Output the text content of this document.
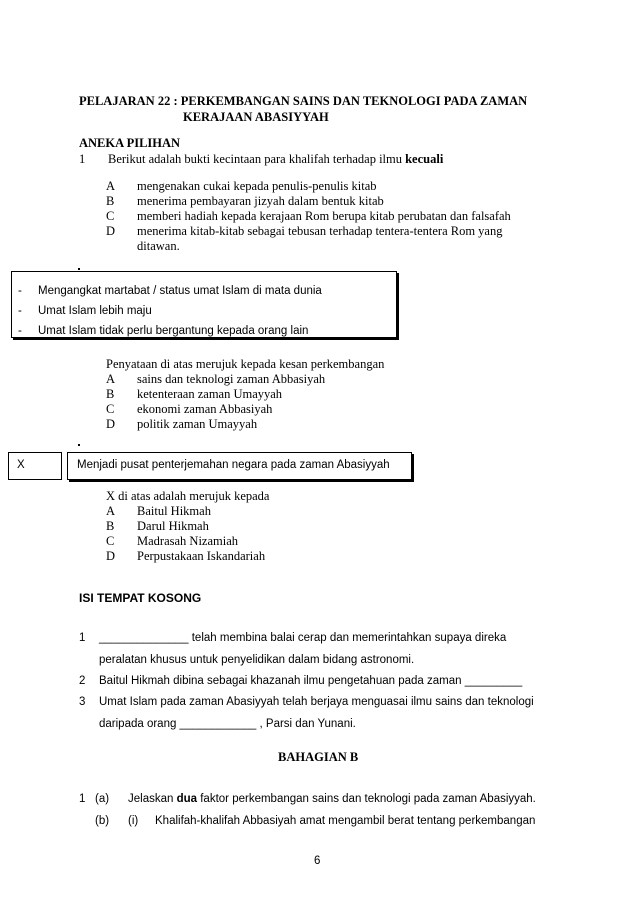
PELAJARAN 22 : PERKEMBANGAN SAINS DAN TEKNOLOGI PADA ZAMAN
KERAJAAN ABASIYYAH
ANEKA PILIHAN
1 Berikut adalah bukti kecintaan para khalifah terhadap ilmu kecuali
A mengenakan cukai kepada penulis-penulis kitab
B menerima pembayaran jizyah dalam bentuk kitab
C memberi hadiah kepada kerajaan Rom berupa kitab perubatan dan falsafah
D menerima kitab-kitab sebagai tebusan terhadap tentera-tentera Rom yang
ditawan.
- Mengangkat martabat / status umat Islam di mata dunia
- Umat Islam lebih maju
- Umat Islam tidak perlu bergantung kepada orang lain
Penyataan di atas merujuk kepada kesan perkembangan
A sains dan teknologi zaman Abbasiyah
B ketenteraan zaman Umayyah
C ekonomi zaman Abbasiyah
D politik zaman Umayyah
X	Menjadi pusat penterjemahan negara pada zaman Abasiyyah
X di atas adalah merujuk kepada
A Baitul Hikmah
B Darul Hikmah
C Madrasah Nizamiah
D Perpustakaan Iskandariah
ISI TEMPAT KOSONG
1 ______________ telah membina balai cerap dan memerintahkan supaya direka
peralatan khusus untuk penyelidikan dalam bidang astronomi.
2 Baitul Hikmah dibina sebagai khazanah ilmu pengetahuan pada zaman _________
3 Umat Islam pada zaman Abasiyyah telah berjaya menguasai ilmu sains dan teknologi
daripada orang ____________ , Parsi dan Yunani.
BAHAGIAN B
1 (a) Jelaskan dua faktor perkembangan sains dan teknologi pada zaman Abasiyyah.
(b) (i) Khalifah-khalifah Abbasiyah amat mengambil berat tentang perkembangan
6
